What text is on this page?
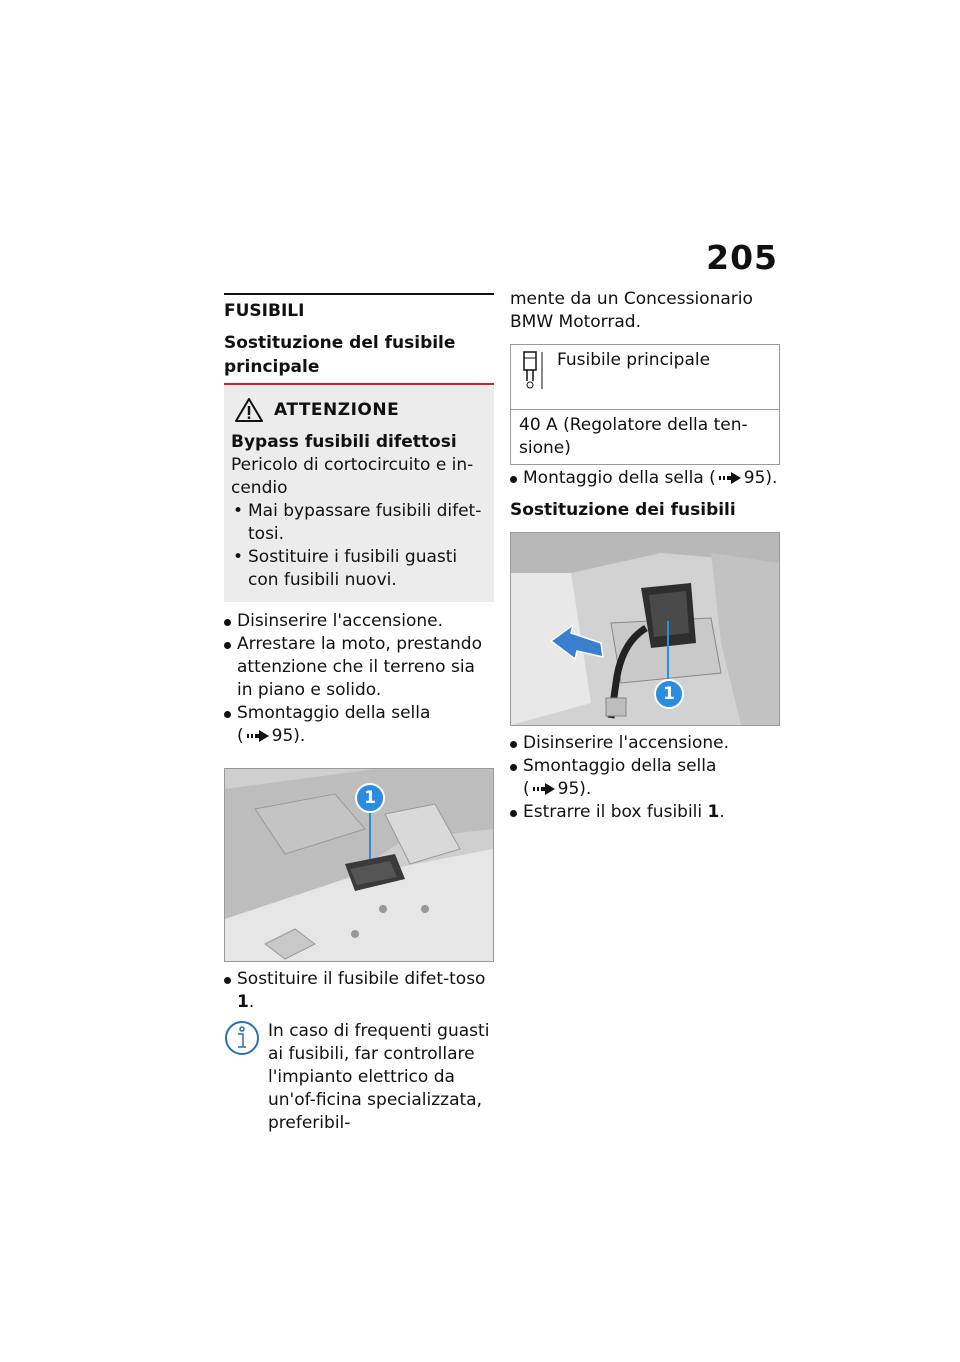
205
FUSIBILI
Sostituzione del fusibile principale
ATTENZIONE
Bypass fusibili difettosi
Pericolo di cortocircuito e in-cendio
• Mai bypassare fusibili difet-tosi.
• Sostituire i fusibili guasti con fusibili nuovi.
Disinserire l'accensione.
Arrestare la moto, prestando attenzione che il terreno sia in piano e solido.
Smontaggio della sella
( 95).
1
Sostituire il fusibile difet-toso 1.
In caso di frequenti guasti ai fusibili, far controllare l'impianto elettrico da un'of-ficina specializzata, preferibil-
mente da un Concessionario BMW Motorrad.
Fusibile principale

40 A (Regolatore della ten-sione)
Montaggio della sella ( 95).
Sostituzione dei fusibili
1
Disinserire l'accensione.
Smontaggio della sella
( 95).
Estrarre il box fusibili 1.
